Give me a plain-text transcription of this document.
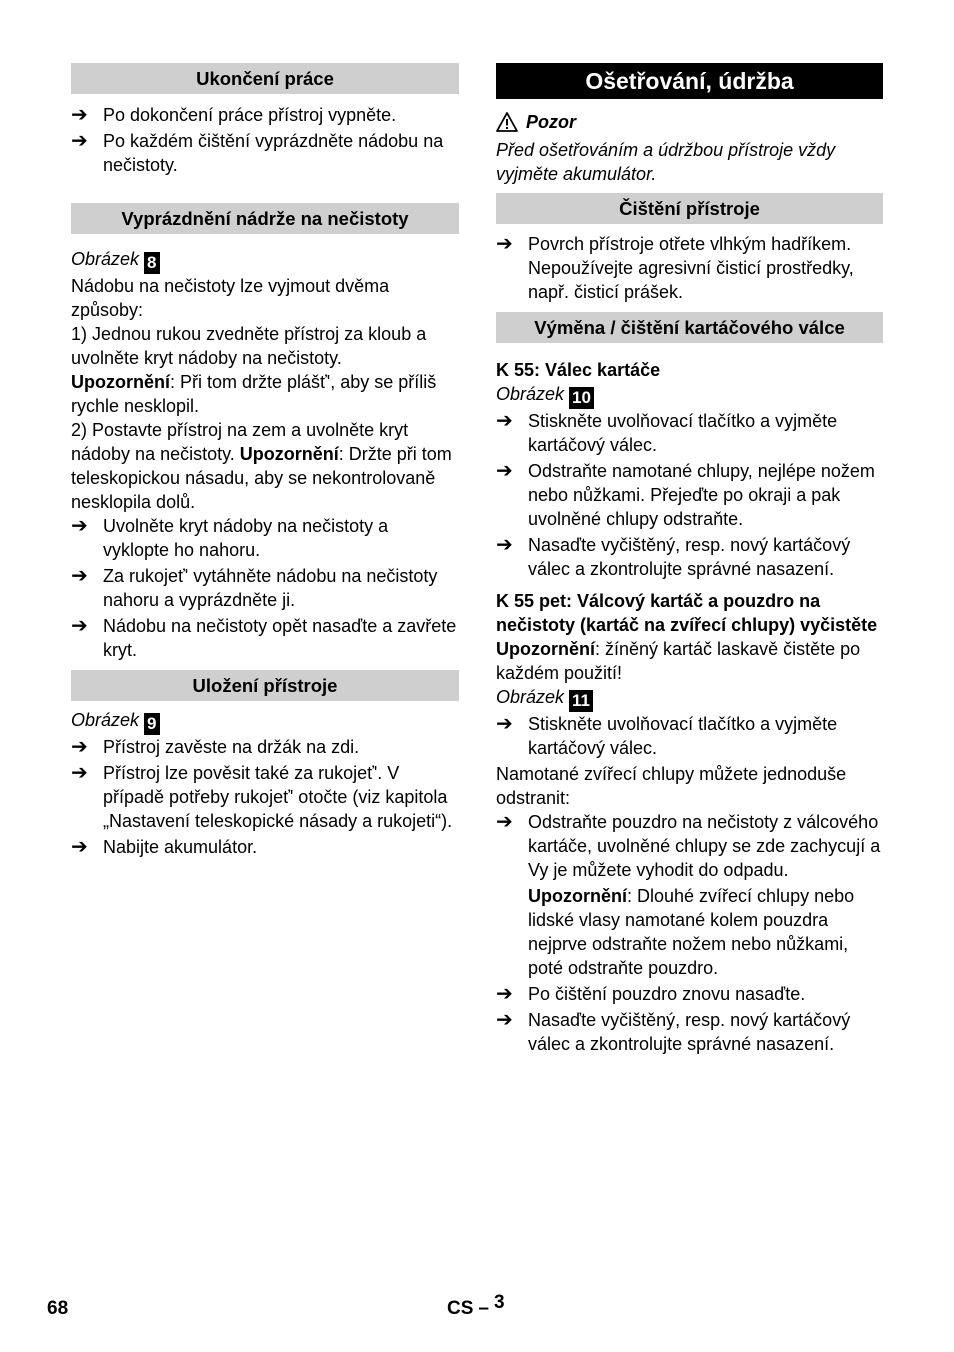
Ukončení práce
➔ Po dokončení práce přístroj vypněte.
➔ Po každém čištění vyprázdněte nádobu na nečistoty.
Vyprázdnění nádrže na nečistoty

Obrázek 8

Nádobu na nečistoty lze vyjmout dvěma způsoby:

1) Jednou rukou zvedněte přístroj za kloub a uvolněte kryt nádoby na nečistoty.

Upozornění: Při tom držte plášť', aby se příliš rychle nesklopil.

2) Postavte přístroj na zem a uvolněte kryt nádoby na nečistoty. Upozornění: Držte při tom teleskopickou násadu, aby se nekontrolovaně nesklopila dolů.

➔ Uvolněte kryt nádoby na nečistoty a vyklopte ho nahoru.
➔ Za rukojeť' vytáhněte nádobu na nečistoty nahoru a vyprázdněte ji.
➔ Nádobu na nečistoty opět nasaďte a zavřete kryt.
Uložení přístroje

Obrázek 9

➔ Přístroj zavěste na držák na zdi.
➔ Přístroj lze pověsit také za rukojeť'. V případě potřeby rukojeť' otočte (viz kapitola „Nastavení teleskopické násady a rukojeti“).
➔ Nabijte akumulátor.
Ošetřování, údržba
Pozor

Před ošetřováním a údržbou přístroje vždy vyjměte akumulátor.

Čištění přístroje
➔ Povrch přístroje otřete vlhkým hadříkem. Nepoužívejte agresivní čisticí prostředky, např. čisticí prášek.
Výměna / čištění kartáčového válce

K 55: Válec kartáče

Obrázek 10

➔ Stiskněte uvolňovací tlačítko a vyjměte kartáčový válec.
➔ Odstraňte namotané chlupy, nejlépe nožem nebo nůžkami. Přejeďte po okraji a pak uvolněné chlupy odstraňte.
➔ Nasaďte vyčištěný, resp. nový kartáčový válec a zkontrolujte správné nasazení.

K 55 pet: Válcový kartáč a pouzdro na nečistoty (kartáč na zvířecí chlupy) vyčistěte

Upozornění: žíněný kartáč laskavě čistěte po každém použití!

Obrázek 11

➔ Stiskněte uvolňovací tlačítko a vyjměte kartáčový válec.

Namotané zvířecí chlupy můžete jednoduše odstranit:

➔ Odstraňte pouzdro na nečistoty z válcového kartáče, uvolněné chlupy se zde zachycují a Vy je můžete vyhodit do odpadu.
Upozornění: Dlouhé zvířecí chlupy nebo lidské vlasy namotané kolem pouzdra nejprve odstraňte nožem nebo nůžkami, poté odstraňte pouzdro.
➔ Po čištění pouzdro znovu nasaďte.
➔ Nasaďte vyčištěný, resp. nový kartáčový válec a zkontrolujte správné nasazení.
68	CS – 3
